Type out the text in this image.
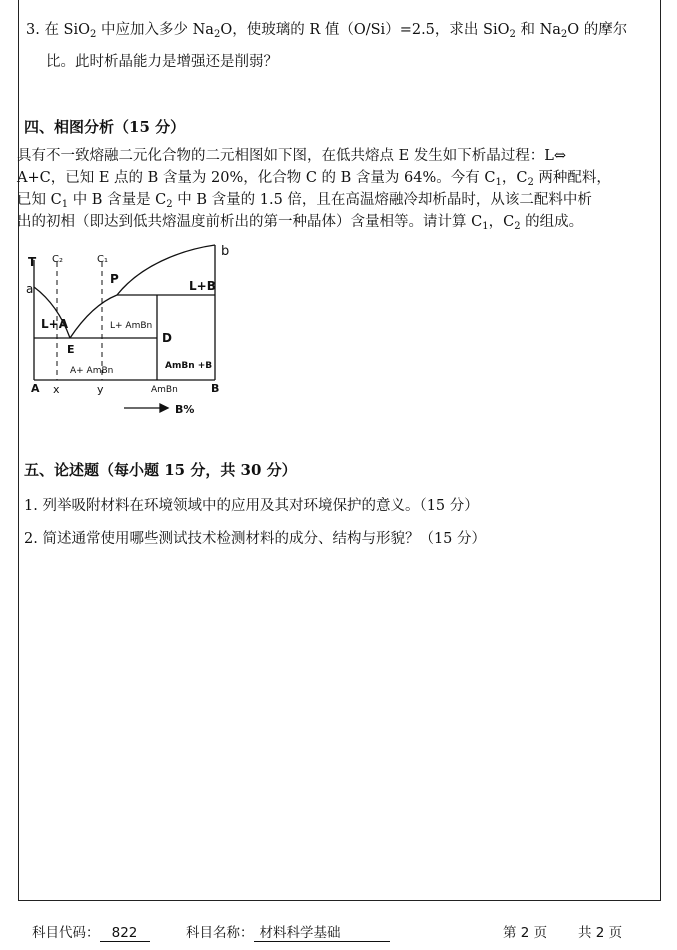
3. 在 SiO$_2$ 中应加入多少 $Na_2O$，使玻璃的 R 值（O/Si）=2.5，求出 SiO$_2$ 和 $Na_2O$ 的摩尔
比。此时析晶能力是增强还是削弱？
四、相图分析（15 分）
具有不一致熔融二元化合物的二元相图如下图，在低共熔点 E 发生如下析晶过程：L⇔
A+C，已知 E 点的 B 含量为 20%，化合物 C 的 B 含量为 64%。今有 $C_1$，$C_2$ 两种配料，
已知 $C_1$ 中 B 含量是 $C_2$ 中 B 含量的 1.5 倍，且在高温熔融冷却析晶时，从该二配料中析
出的初相（即达到低共熔温度前析出的第一种晶体）含量相等。请计算 $C_1$，$C_2$ 的组成。
T C₂	C₁
b
a
P	L+B
L+A	L+ AmBn
D
E
A+ AmBn	AmBn +B
A x	y	AmBn	B
B%
五、论述题（每小题 15 分，共 30 分）
1. 列举吸附材料在环境领域中的应用及其对环境保护的意义。（15 分）
2. 简述通常使用哪些测试技术检测材料的成分、结构与形貌？（15 分）
科目代码： 822	科目名称： 材料科学基础	第 2 页 共 2 页
